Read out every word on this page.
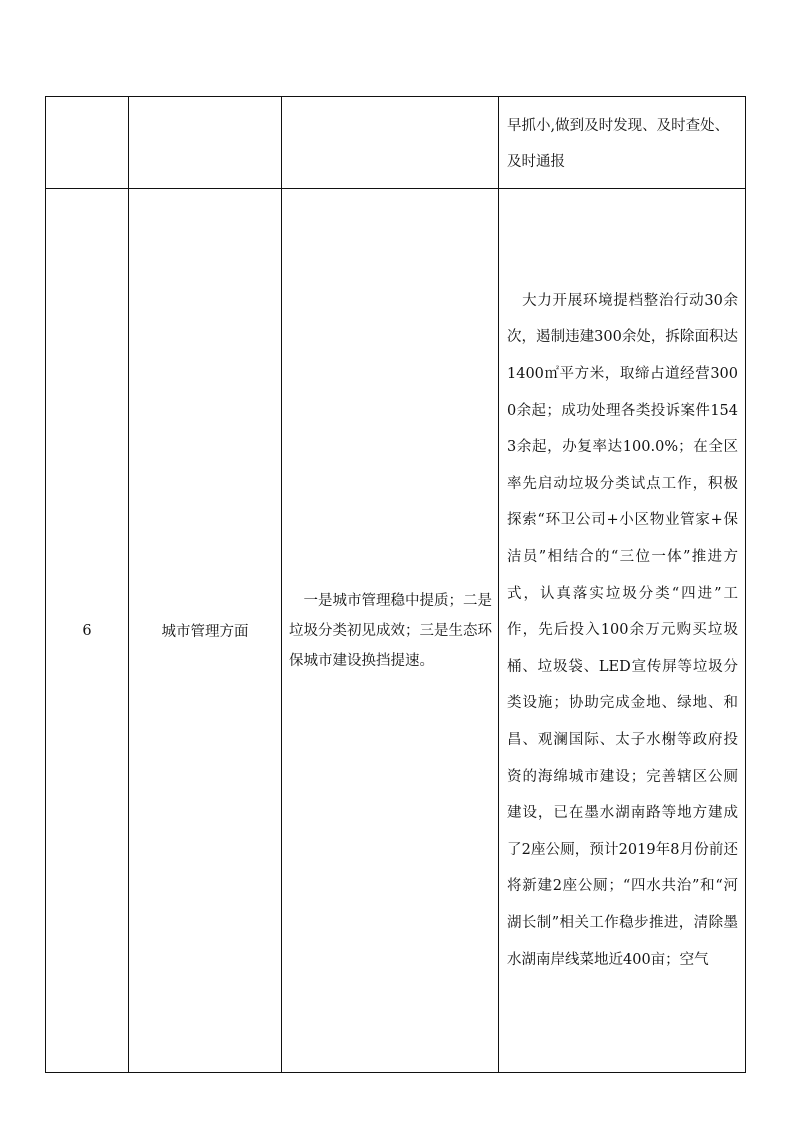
			早抓小,做到及时发现、及时查处、及时通报

6	城市管理方面	　一是城市管理稳中提质；二是垃圾分类初见成效；三是生态环保城市建设换挡提速。	　大力开展环境提档整治行动30余次，遏制违建300余处，拆除面积达1400㎡平方米，取缔占道经营3000余起；成功处理各类投诉案件1543余起，办复率达100.0%；在全区率先启动垃圾分类试点工作，积极探索“环卫公司+小区物业管家+保洁员”相结合的“三位一体”推进方式，认真落实垃圾分类“四进”工作，先后投入100余万元购买垃圾桶、垃圾袋、LED宣传屏等垃圾分类设施；协助完成金地、绿地、和昌、观澜国际、太子水榭等政府投资的海绵城市建设；完善辖区公厕建设，已在墨水湖南路等地方建成了2座公厕，预计2019年8月份前还将新建2座公厕；“四水共治”和“河湖长制”相关工作稳步推进，清除墨水湖南岸线菜地近400亩；空气
